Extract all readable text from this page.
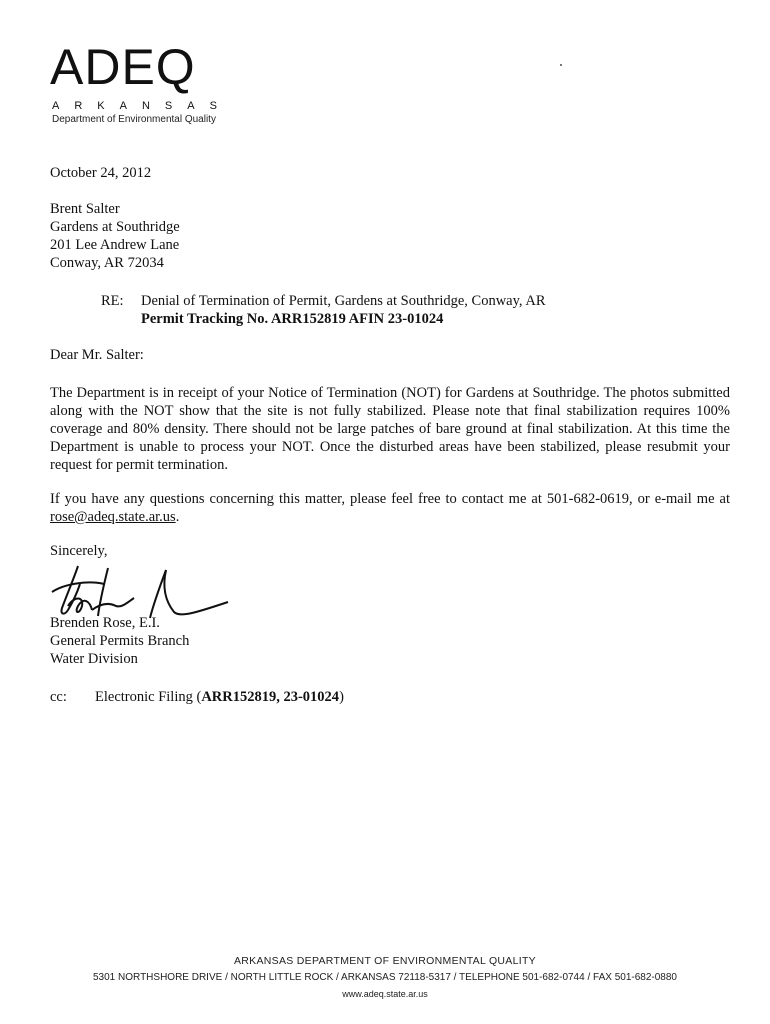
ADEQ
ARKANSAS
Department of Environmental Quality
October 24, 2012
Brent Salter
Gardens at Southridge
201 Lee Andrew Lane
Conway, AR 72034
RE: Denial of Termination of Permit, Gardens at Southridge, Conway, AR
Permit Tracking No. ARR152819 AFIN 23-01024
Dear Mr. Salter:
The Department is in receipt of your Notice of Termination (NOT) for Gardens at Southridge. The photos submitted along with the NOT show that the site is not fully stabilized. Please note that final stabilization requires 100% coverage and 80% density. There should not be large patches of bare ground at final stabilization. At this time the Department is unable to process your NOT. Once the disturbed areas have been stabilized, please resubmit your request for permit termination.
If you have any questions concerning this matter, please feel free to contact me at 501-682-0619, or e-mail me at rose@adeq.state.ar.us.
Sincerely,
Brenden Rose, E.I.
General Permits Branch
Water Division
cc: Electronic Filing (ARR152819, 23-01024)
ARKANSAS DEPARTMENT OF ENVIRONMENTAL QUALITY
5301 NORTHSHORE DRIVE / NORTH LITTLE ROCK / ARKANSAS 72118-5317 / TELEPHONE 501-682-0744 / FAX 501-682-0880
www.adeq.state.ar.us
